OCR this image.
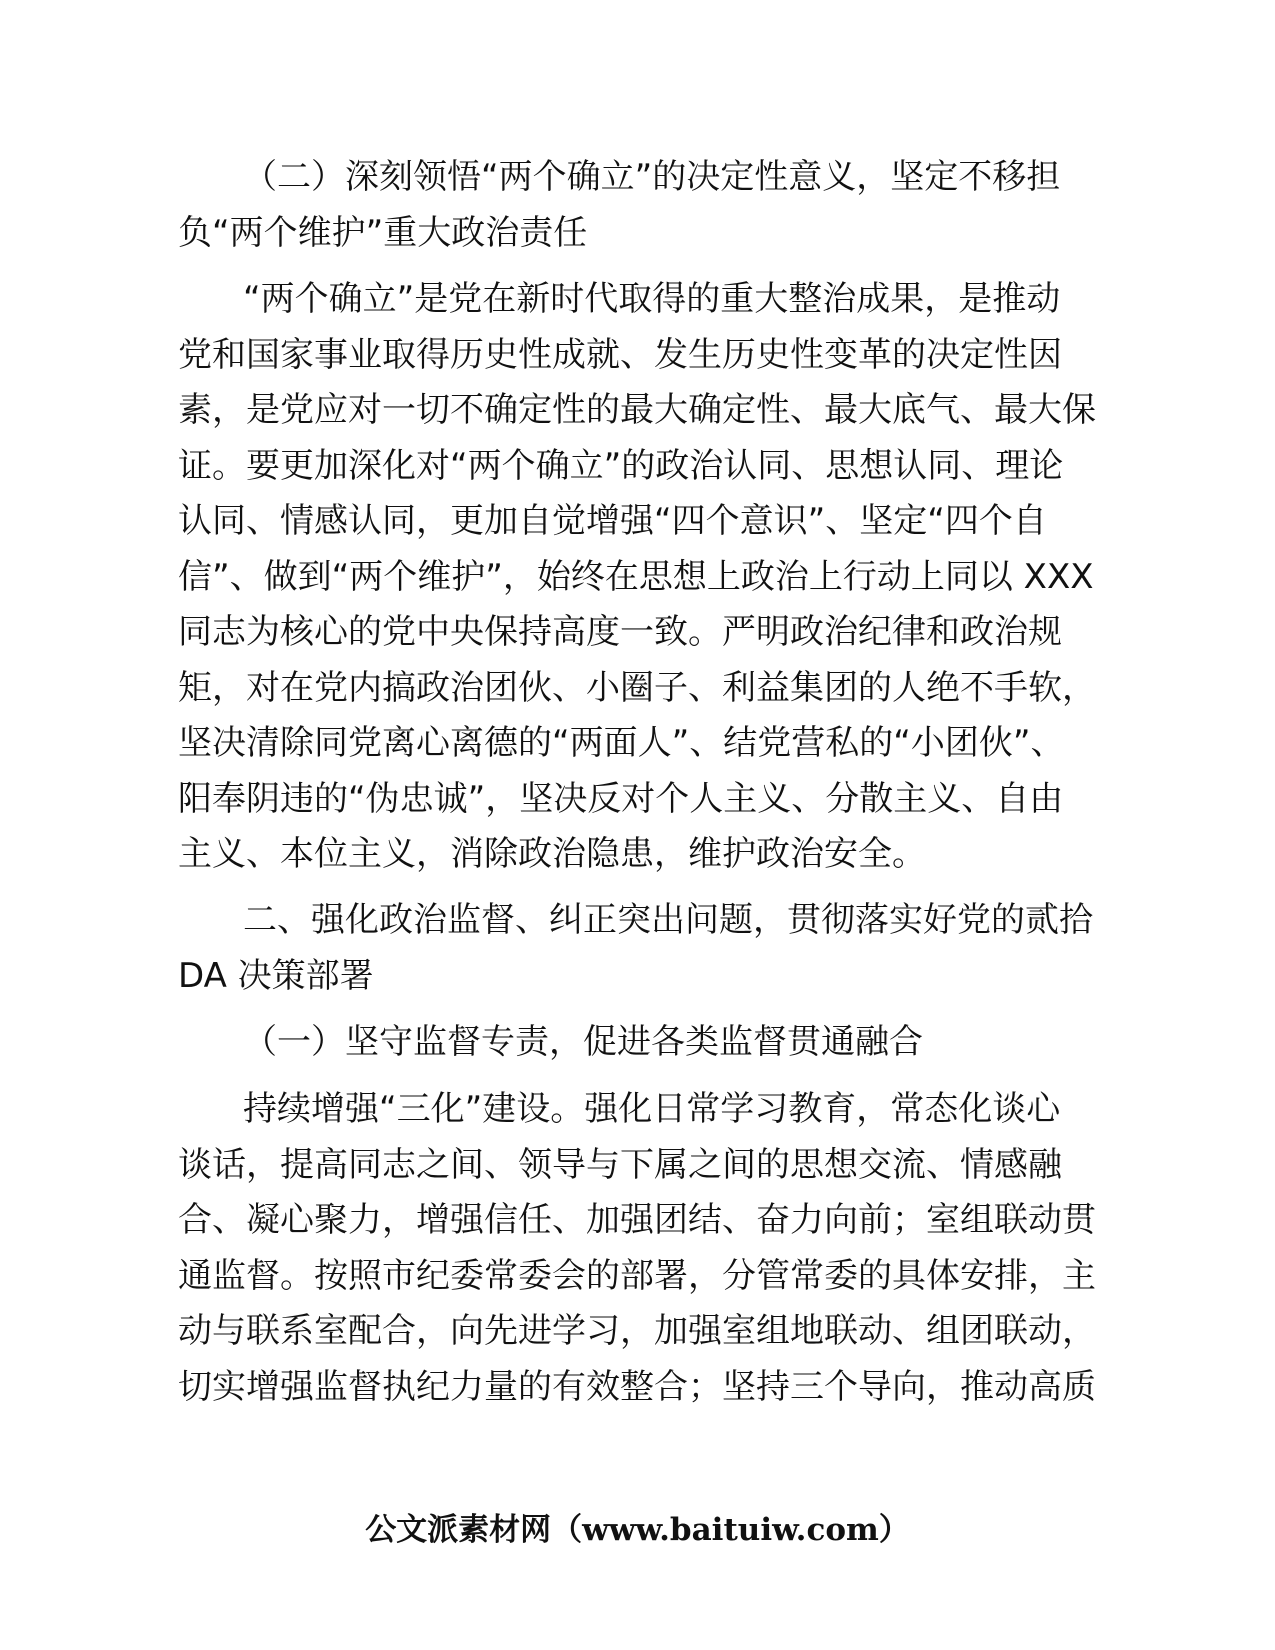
（二）深刻领悟“两个确立”的决定性意义，坚定不移担
负“两个维护”重大政治责任
“两个确立”是党在新时代取得的重大整治成果，是推动
党和国家事业取得历史性成就、发生历史性变革的决定性因
素，是党应对一切不确定性的最大确定性、最大底气、最大保
证。要更加深化对“两个确立”的政治认同、思想认同、理论
认同、情感认同，更加自觉增强“四个意识”、坚定“四个自
信”、做到“两个维护”，始终在思想上政治上行动上同以 XXX
同志为核心的党中央保持高度一致。严明政治纪律和政治规
矩，对在党内搞政治团伙、小圈子、利益集团的人绝不手软，
坚决清除同党离心离德的“两面人”、结党营私的“小团伙”、
阳奉阴违的“伪忠诚”，坚决反对个人主义、分散主义、自由
主义、本位主义，消除政治隐患，维护政治安全。
二、强化政治监督、纠正突出问题，贯彻落实好党的贰拾
DA 决策部署
（一）坚守监督专责，促进各类监督贯通融合
持续增强“三化”建设。强化日常学习教育，常态化谈心
谈话，提高同志之间、领导与下属之间的思想交流、情感融
合、凝心聚力，增强信任、加强团结、奋力向前；室组联动贯
通监督。按照市纪委常委会的部署，分管常委的具体安排，主
动与联系室配合，向先进学习，加强室组地联动、组团联动，
切实增强监督执纪力量的有效整合；坚持三个导向，推动高质
公文派素材网（www.baituiw.com）
